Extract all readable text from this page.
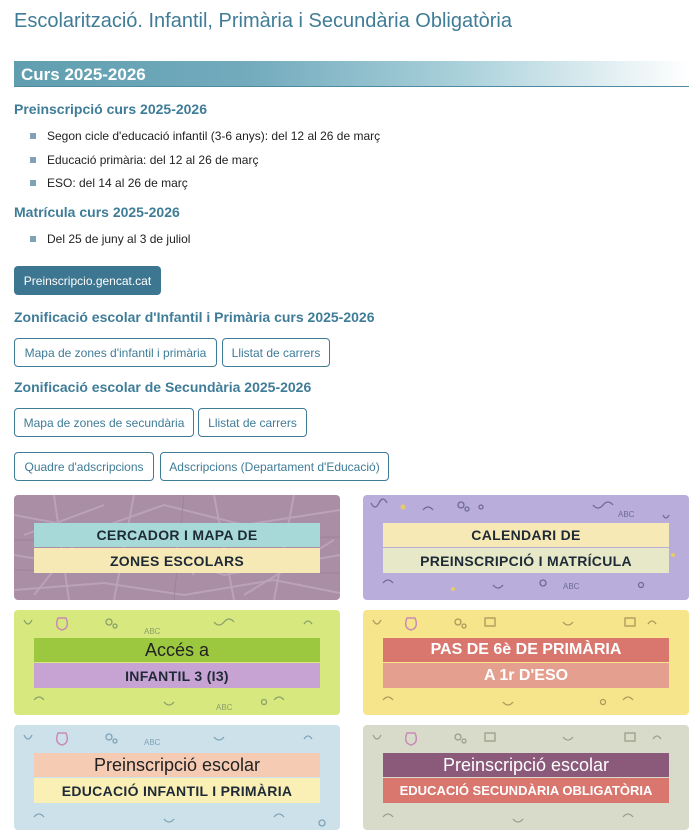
Escolarització. Infantil, Primària i Secundària Obligatòria
Curs 2025-2026
Preinscripció curs 2025-2026
Segon cicle d'educació infantil (3-6 anys): del 12 al 26 de març
Educació primària: del 12 al 26 de març
ESO: del 14 al 26 de març
Matrícula curs 2025-2026
Del 25 de juny al 3 de juliol
Preinscripcio.gencat.cat
Zonificació escolar d'Infantil i Primària curs 2025-2026
Mapa de zones d'infantil i primària	Llistat de carrers
Zonificació escolar de Secundària 2025-2026
Mapa de zones de secundària	Llistat de carrers
Quadre d'adscripcions	Adscripcions (Departament d'Educació)
CERCADOR I MAPA DE
ZONES ESCOLARS
ABC
ABC
CALENDARI DE
PREINSCRIPCIÓ I MATRÍCULA
ABC
ABC
Accés a
INFANTIL 3 (I3)
PAS DE 6è DE PRIMÀRIA
A 1r D'ESO
ABC
Preinscripció escolar
EDUCACIÓ INFANTIL I PRIMÀRIA
Preinscripció escolar
EDUCACIÓ SECUNDÀRIA OBLIGATÒRIA
